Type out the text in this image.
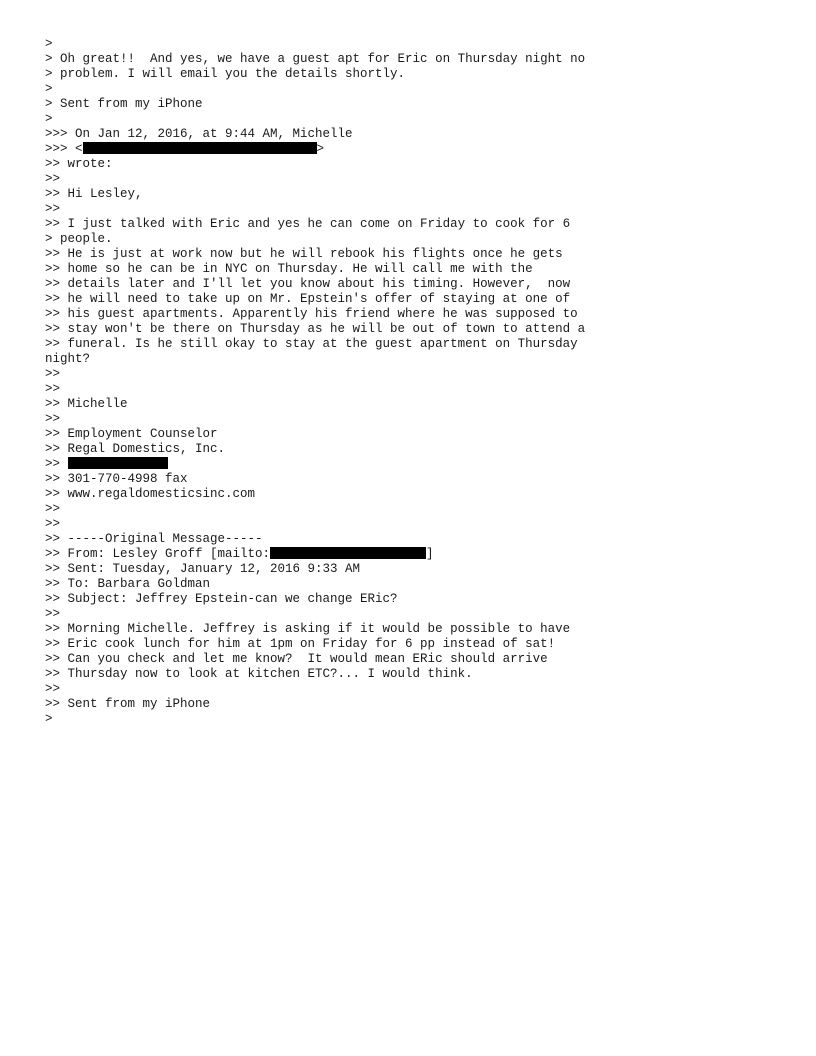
>
> Oh great!!  And yes, we have a guest apt for Eric on Thursday night no
> problem. I will email you the details shortly.
>
> Sent from my iPhone
>
>>> On Jan 12, 2016, at 9:44 AM, Michelle
>>> <	>
>> wrote:
>>
>> Hi Lesley,
>>
>> I just talked with Eric and yes he can come on Friday to cook for 6
> people.
>> He is just at work now but he will rebook his flights once he gets
>> home so he can be in NYC on Thursday. He will call me with the
>> details later and I'll let you know about his timing. However,  now
>> he will need to take up on Mr. Epstein's offer of staying at one of
>> his guest apartments. Apparently his friend where he was supposed to
>> stay won't be there on Thursday as he will be out of town to attend a
>> funeral. Is he still okay to stay at the guest apartment on Thursday
night?
>>
>>
>> Michelle
>>
>> Employment Counselor
>> Regal Domestics, Inc.
>>
>> 301-770-4998 fax
>> www.regaldomesticsinc.com
>>
>>
>> -----Original Message-----
>> From: Lesley Groff [mailto:	]
>> Sent: Tuesday, January 12, 2016 9:33 AM
>> To: Barbara Goldman
>> Subject: Jeffrey Epstein-can we change ERic?
>>
>> Morning Michelle. Jeffrey is asking if it would be possible to have
>> Eric cook lunch for him at 1pm on Friday for 6 pp instead of sat!
>> Can you check and let me know?  It would mean ERic should arrive
>> Thursday now to look at kitchen ETC?... I would think.
>>
>> Sent from my iPhone
>
